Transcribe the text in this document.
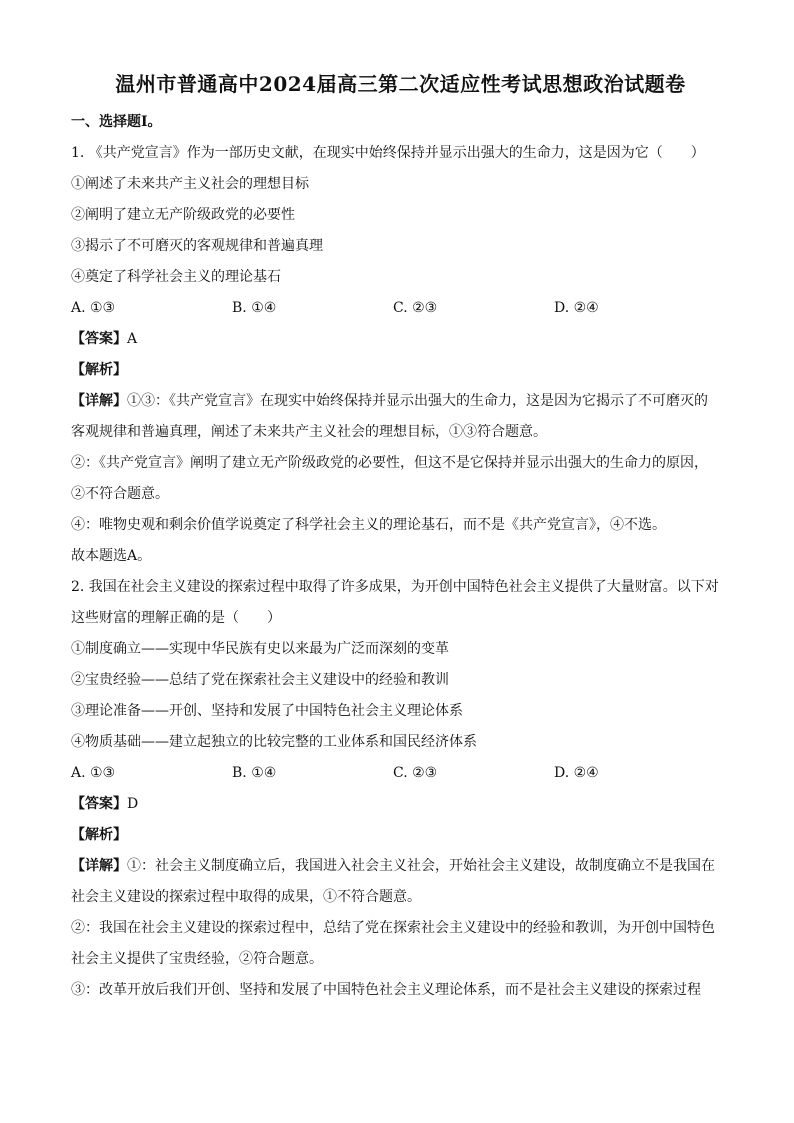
温州市普通高中2024届高三第二次适应性考试思想政治试题卷
一、选择题Ⅰ。
1. 《共产党宣言》作为一部历史文献，在现实中始终保持并显示出强大的生命力，这是因为它（　　）
①阐述了未来共产主义社会的理想目标
②阐明了建立无产阶级政党的必要性
③揭示了不可磨灭的客观规律和普遍真理
④奠定了科学社会主义的理论基石
A. ①③	B. ①④	C. ②③	D. ②④
【答案】A
【解析】
【详解】①③：《共产党宣言》在现实中始终保持并显示出强大的生命力，这是因为它揭示了不可磨灭的
客观规律和普遍真理，阐述了未来共产主义社会的理想目标，①③符合题意。
②：《共产党宣言》阐明了建立无产阶级政党的必要性，但这不是它保持并显示出强大的生命力的原因，
②不符合题意。
④：唯物史观和剩余价值学说奠定了科学社会主义的理论基石，而不是《共产党宣言》，④不选。
故本题选A。
2. 我国在社会主义建设的探索过程中取得了许多成果，为开创中国特色社会主义提供了大量财富。以下对
这些财富的理解正确的是（　　）
①制度确立——实现中华民族有史以来最为广泛而深刻的变革
②宝贵经验——总结了党在探索社会主义建设中的经验和教训
③理论准备——开创、坚持和发展了中国特色社会主义理论体系
④物质基础——建立起独立的比较完整的工业体系和国民经济体系
A. ①③	B. ①④	C. ②③	D. ②④
【答案】D
【解析】
【详解】①：社会主义制度确立后，我国进入社会主义社会，开始社会主义建设，故制度确立不是我国在
社会主义建设的探索过程中取得的成果，①不符合题意。
②：我国在社会主义建设的探索过程中，总结了党在探索社会主义建设中的经验和教训，为开创中国特色
社会主义提供了宝贵经验，②符合题意。
③：改革开放后我们开创、坚持和发展了中国特色社会主义理论体系，而不是社会主义建设的探索过程
